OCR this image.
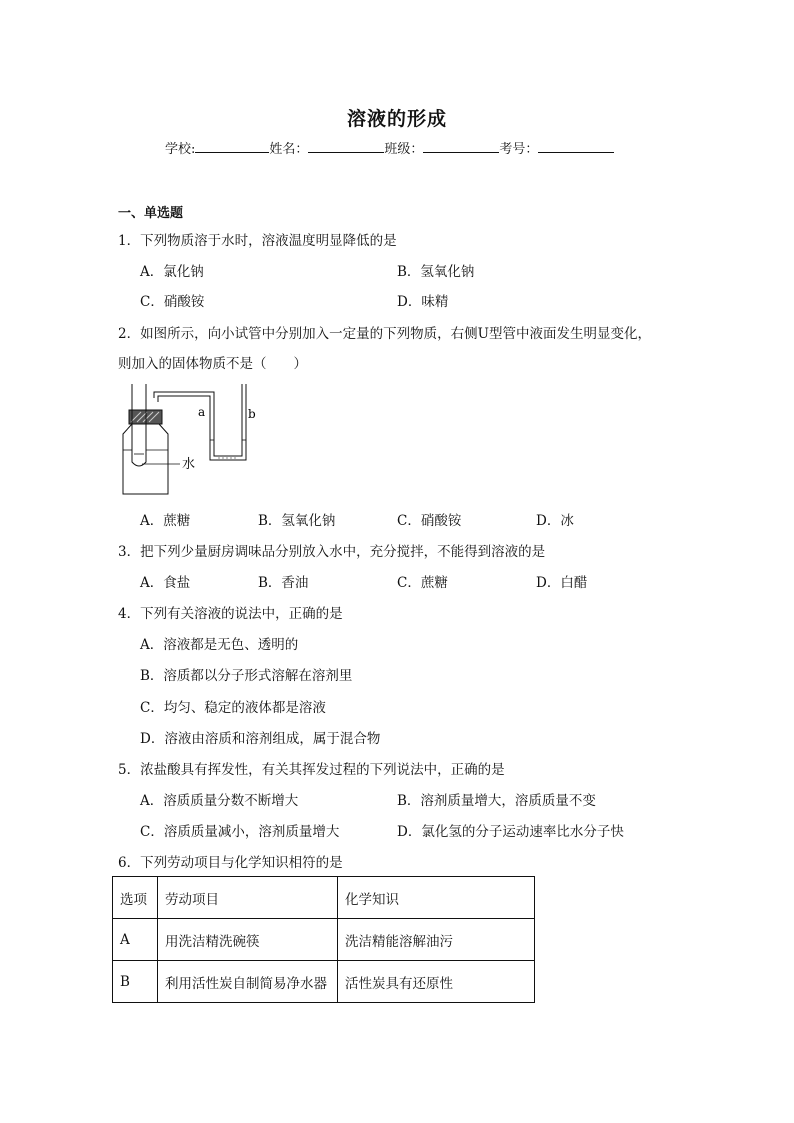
溶液的形成
学校:	姓名：	班级：	考号：
一、单选题
1．下列物质溶于水时，溶液温度明显降低的是
A．氯化钠	B．氢氧化钠
C．硝酸铵	D．味精
2．如图所示，向小试管中分别加入一定量的下列物质，右侧U型管中液面发生明显变化，
则加入的固体物质不是（　　）
a	b
水
A．蔗糖	B．氢氧化钠	C．硝酸铵	D．冰
3．把下列少量厨房调味品分别放入水中，充分搅拌，不能得到溶液的是
A．食盐	B．香油	C．蔗糖	D．白醋
4．下列有关溶液的说法中，正确的是
A．溶液都是无色、透明的
B．溶质都以分子形式溶解在溶剂里
C．均匀、稳定的液体都是溶液
D．溶液由溶质和溶剂组成，属于混合物
5．浓盐酸具有挥发性，有关其挥发过程的下列说法中，正确的是
A．溶质质量分数不断增大	B．溶剂质量增大，溶质质量不变
C．溶质质量减小，溶剂质量增大	D．氯化氢的分子运动速率比水分子快
6．下列劳动项目与化学知识相符的是
选项	劳动项目	化学知识
A	用洗洁精洗碗筷	洗洁精能溶解油污
B	利用活性炭自制简易净水器	活性炭具有还原性
